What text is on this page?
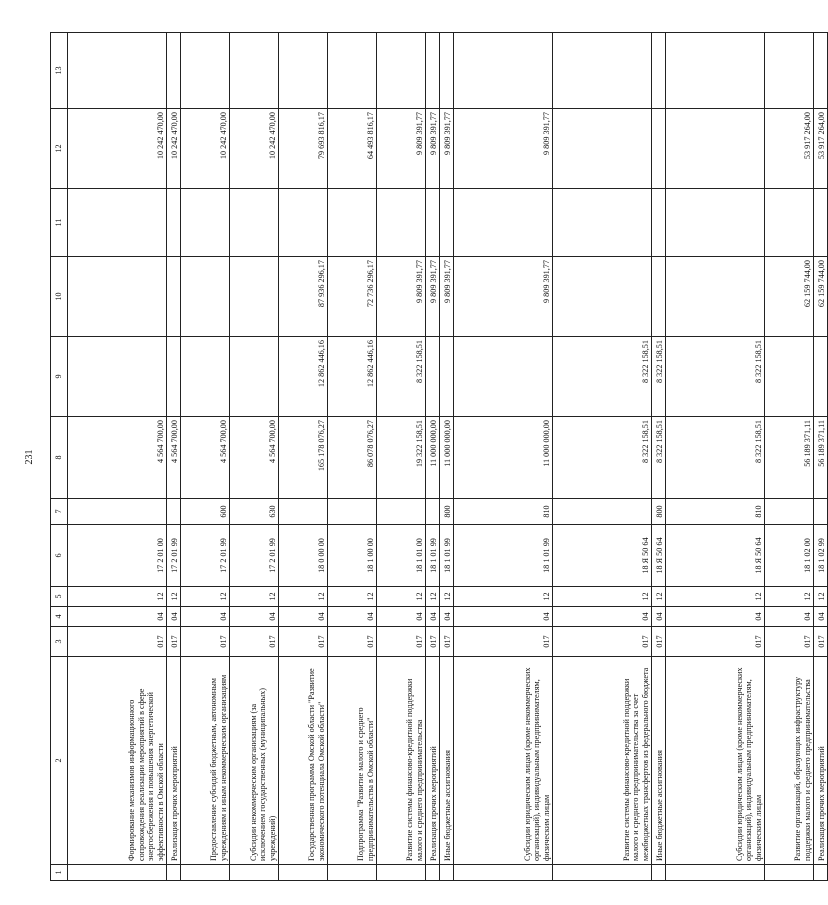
231
1	2	3	4	5	6	7	8	9	10	11	12	13
	Формирование механизмов информационного сопровождения реализации мероприятий в сфере энергосбережения и повышения энергетической эффективности в Омской области	017	04	12	17 2 01 00		4 564 700,00				10 242 470,00	
	Реализация прочих мероприятий	017	04	12	17 2 01 99		4 564 700,00				10 242 470,00	
	Предоставление субсидий бюджетным, автономным учреждениям и иным некоммерческим организациям	017	04	12	17 2 01 99	600	4 564 700,00				10 242 470,00	
	Субсидии некоммерческим организациям (за исключением государственных (муниципальных) учреждений)	017	04	12	17 2 01 99	630	4 564 700,00				10 242 470,00	
	Государственная программа Омской области "Развитие экономического потенциала Омской области"	017	04	12	18 0 00 00		165 178 076,27	12 862 446,16	87 936 296,17		79 693 816,17	
	Подпрограмма "Развитие малого и среднего предпринимательства в Омской области"	017	04	12	18 1 00 00		86 078 076,27	12 862 446,16	72 736 296,17		64 493 816,17	
	Развитие системы финансово-кредитной поддержки малого и среднего предпринимательства	017	04	12	18 1 01 00		19 322 158,51	8 322 158,51	9 809 391,77		9 809 391,77	
	Реализация прочих мероприятий	017	04	12	18 1 01 99		11 000 000,00		9 809 391,77		9 809 391,77	
	Иные бюджетные ассигнования	017	04	12	18 1 01 99	800	11 000 000,00		9 809 391,77		9 809 391,77	
	Субсидии юридическим лицам (кроме некоммерческих организаций), индивидуальным предпринимателям, физическим лицам	017	04	12	18 1 01 99	810	11 000 000,00		9 809 391,77		9 809 391,77	
	Развитие системы финансово-кредитной поддержки малого и среднего предпринимательства за счет межбюджетных трансфертов из федерального бюджета	017	04	12	18 Я 50 64		8 322 158,51	8 322 158,51				
	Иные бюджетные ассигнования	017	04	12	18 Я 50 64	800	8 322 158,51	8 322 158,51				
	Субсидии юридическим лицам (кроме некоммерческих организаций), индивидуальным предпринимателям, физическим лицам	017	04	12	18 Я 50 64	810	8 322 158,51	8 322 158,51				
	Развитие организаций, образующих инфраструктуру поддержки малого и среднего предпринимательства	017	04	12	18 1 02 00		56 189 371,11		62 159 744,00		53 917 264,00	
	Реализация прочих мероприятий	017	04	12	18 1 02 99		56 189 371,11		62 159 744,00		53 917 264,00	
